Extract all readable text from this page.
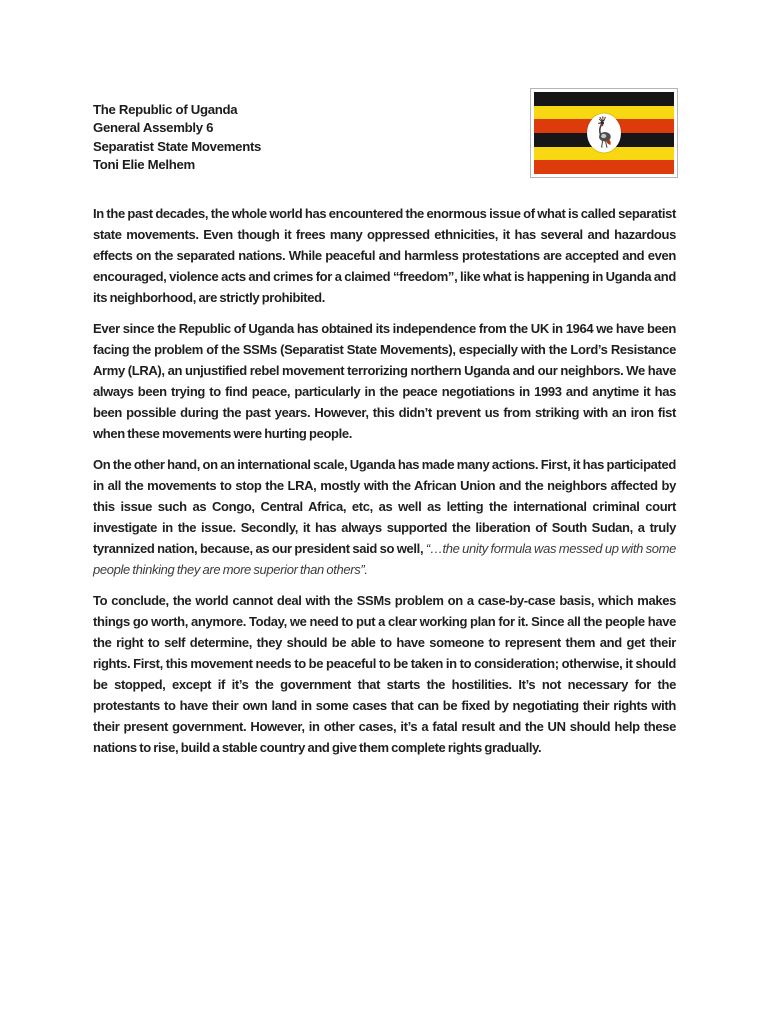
The Republic of Uganda
General Assembly 6
Separatist State Movements
Toni Elie Melhem

In the past decades, the whole world has encountered the enormous issue of what is called separatist state movements. Even though it frees many oppressed ethnicities, it has several and hazardous effects on the separated nations. While peaceful and harmless protestations are accepted and even encouraged, violence acts and crimes for a claimed “freedom”, like what is happening in Uganda and its neighborhood, are strictly prohibited.

Ever since the Republic of Uganda has obtained its independence from the UK in 1964 we have been facing the problem of the SSMs (Separatist State Movements), especially with the Lord’s Resistance Army (LRA), an unjustified rebel movement terrorizing northern Uganda and our neighbors. We have always been trying to find peace, particularly in the peace negotiations in 1993 and anytime it has been possible during the past years. However, this didn’t prevent us from striking with an iron fist when these movements were hurting people.

On the other hand, on an international scale, Uganda has made many actions. First, it has participated in all the movements to stop the LRA, mostly with the African Union and the neighbors affected by this issue such as Congo, Central Africa, etc, as well as letting the international criminal court investigate in the issue. Secondly, it has always supported the liberation of South Sudan, a truly tyrannized nation, because, as our president said so well, “…the unity formula was messed up with some people thinking they are more superior than others”.

To conclude, the world cannot deal with the SSMs problem on a case-by-case basis, which makes things go worth, anymore. Today, we need to put a clear working plan for it. Since all the people have the right to self determine, they should be able to have someone to represent them and get their rights. First, this movement needs to be peaceful to be taken in to consideration; otherwise, it should be stopped, except if it’s the government that starts the hostilities. It’s not necessary for the protestants to have their own land in some cases that can be fixed by negotiating their rights with their present government. However, in other cases, it’s a fatal result and the UN should help these nations to rise, build a stable country and give them complete rights gradually.
